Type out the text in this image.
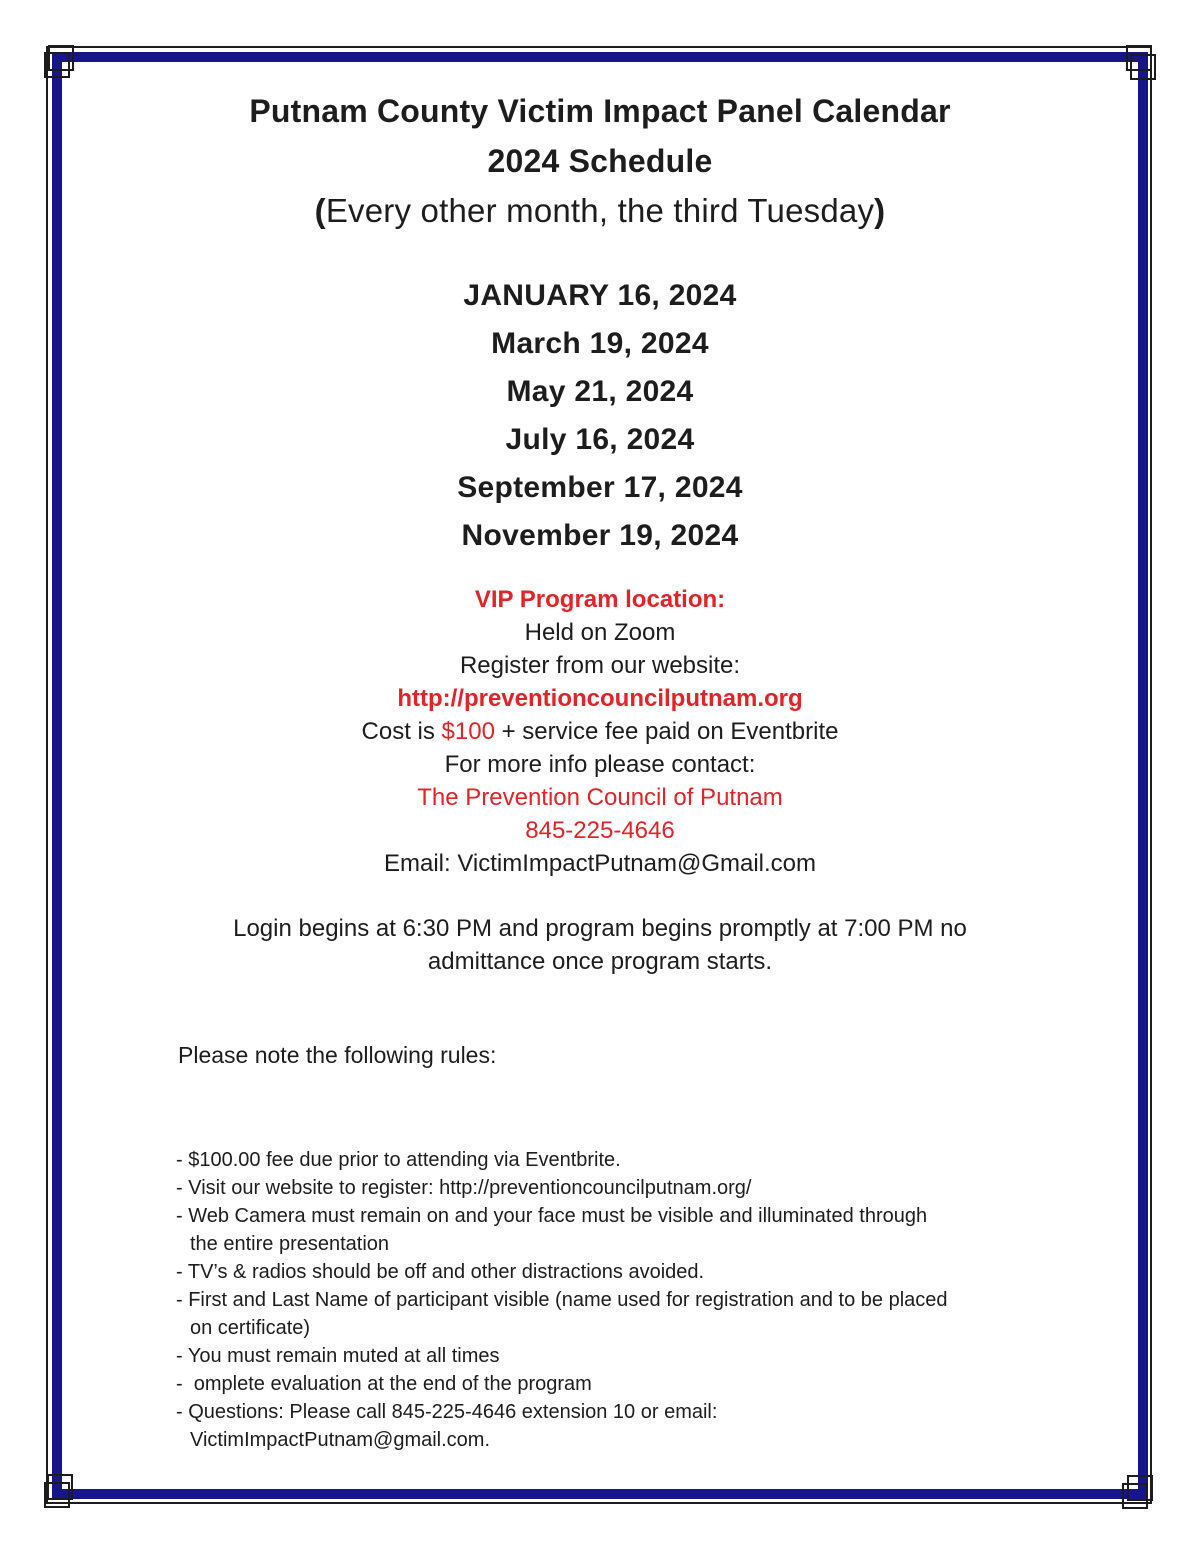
Putnam County Victim Impact Panel Calendar
2024 Schedule
(Every other month, the third Tuesday)
JANUARY 16, 2024
March 19, 2024
May 21, 2024
July 16, 2024
September 17, 2024
November 19, 2024
VIP Program location:
Held on Zoom
Register from our website:
http://preventioncouncilputnam.org
Cost is $100 + service fee paid on Eventbrite
For more info please contact:
The Prevention Council of Putnam
845-225-4646
Email: VictimImpactPutnam@Gmail.com
Login begins at 6:30 PM and program begins promptly at 7:00 PM no
admittance once program starts.
Please note the following rules:

- $100.00 fee due prior to attending via Eventbrite.
- Visit our website to register: http://preventioncouncilputnam.org/
- Web Camera must remain on and your face must be visible and illuminated through
the entire presentation
- TV’s & radios should be off and other distractions avoided.
- First and Last Name of participant visible (name used for registration and to be placed
on certificate)
- You must remain muted at all times
-  omplete evaluation at the end of the program
- Questions: Please call 845-225-4646 extension 10 or email:
VictimImpactPutnam@gmail.com.
